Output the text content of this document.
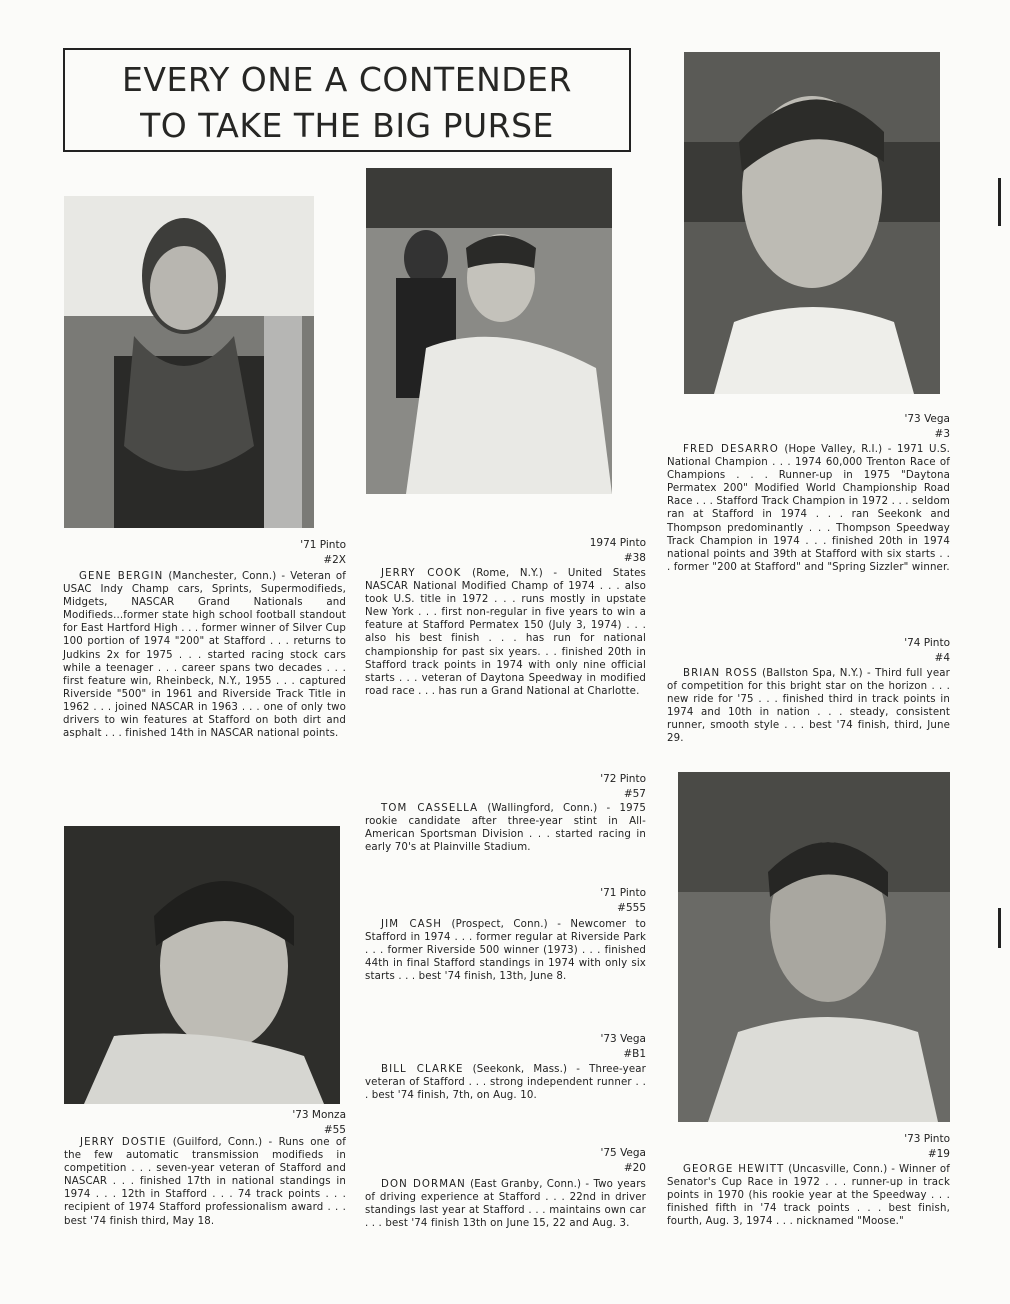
EVERY ONE A CONTENDER
TO TAKE THE BIG PURSE
'71 Pinto
#2X
GENE BERGIN (Manchester, Conn.) - Veteran of USAC Indy Champ cars, Sprints, Supermodifieds, Midgets, NASCAR Grand Nationals and Modifieds...former state high school football standout for East Hartford High . . . former winner of Silver Cup 100 portion of 1974 "200" at Stafford . . . returns to Judkins 2x for 1975 . . . started racing stock cars while a teenager . . . career spans two decades . . . first feature win, Rheinbeck, N.Y., 1955 . . . captured Riverside "500" in 1961 and Riverside Track Title in 1962 . . . joined NASCAR in 1963 . . . one of only two drivers to win features at Stafford on both dirt and asphalt . . . finished 14th in NASCAR national points.
'73 Monza
#55
JERRY DOSTIE (Guilford, Conn.) - Runs one of the few automatic transmission modifieds in competition . . . seven-year veteran of Stafford and NASCAR . . . finished 17th in national standings in 1974 . . . 12th in Stafford . . . 74 track points . . . recipient of 1974 Stafford professionalism award . . . best '74 finish third, May 18.
1974 Pinto
#38
JERRY COOK (Rome, N.Y.) - United States NASCAR National Modified Champ of 1974 . . . also took U.S. title in 1972 . . . runs mostly in upstate New York . . . first non-regular in five years to win a feature at Stafford Permatex 150 (July 3, 1974) . . . also his best finish . . . has run for national championship for past six years. . . finished 20th in Stafford track points in 1974 with only nine official starts . . . veteran of Daytona Speedway in modified road race . . . has run a Grand National at Charlotte.
'72 Pinto
#57
TOM CASSELLA (Wallingford, Conn.) - 1975 rookie candidate after three-year stint in All-American Sportsman Division . . . started racing in early 70's at Plainville Stadium.
'71 Pinto
#555
JIM CASH (Prospect, Conn.) - Newcomer to Stafford in 1974 . . . former regular at Riverside Park . . . former Riverside 500 winner (1973) . . . finished 44th in final Stafford standings in 1974 with only six starts . . . best '74 finish, 13th, June 8.
'73 Vega
#B1
BILL CLARKE (Seekonk, Mass.) - Three-year veteran of Stafford . . . strong independent runner . . . best '74 finish, 7th, on Aug. 10.
'75 Vega
#20
DON DORMAN (East Granby, Conn.) - Two years of driving experience at Stafford . . . 22nd in driver standings last year at Stafford . . . maintains own car . . . best '74 finish 13th on June 15, 22 and Aug. 3.
'73 Vega
#3
FRED DESARRO (Hope Valley, R.I.) - 1971 U.S. National Champion . . . 1974 60,000 Trenton Race of Champions . . . Runner-up in 1975 "Daytona Permatex 200" Modified World Championship Road Race . . . Stafford Track Champion in 1972 . . . seldom ran at Stafford in 1974 . . . ran Seekonk and Thompson predominantly . . . Thompson Speedway Track Champion in 1974 . . . finished 20th in 1974 national points and 39th at Stafford with six starts . . . former "200 at Stafford" and "Spring Sizzler" winner.
'74 Pinto
#4
BRIAN ROSS (Ballston Spa, N.Y.) - Third full year of competition for this bright star on the horizon . . . new ride for '75 . . . finished third in track points in 1974 and 10th in nation . . . steady, consistent runner, smooth style . . . best '74 finish, third, June 29.
'73 Pinto
#19
GEORGE HEWITT (Uncasville, Conn.) - Winner of Senator's Cup Race in 1972 . . . runner-up in track points in 1970 (his rookie year at the Speedway . . . finished fifth in '74 track points . . . best finish, fourth, Aug. 3, 1974 . . . nicknamed "Moose."
